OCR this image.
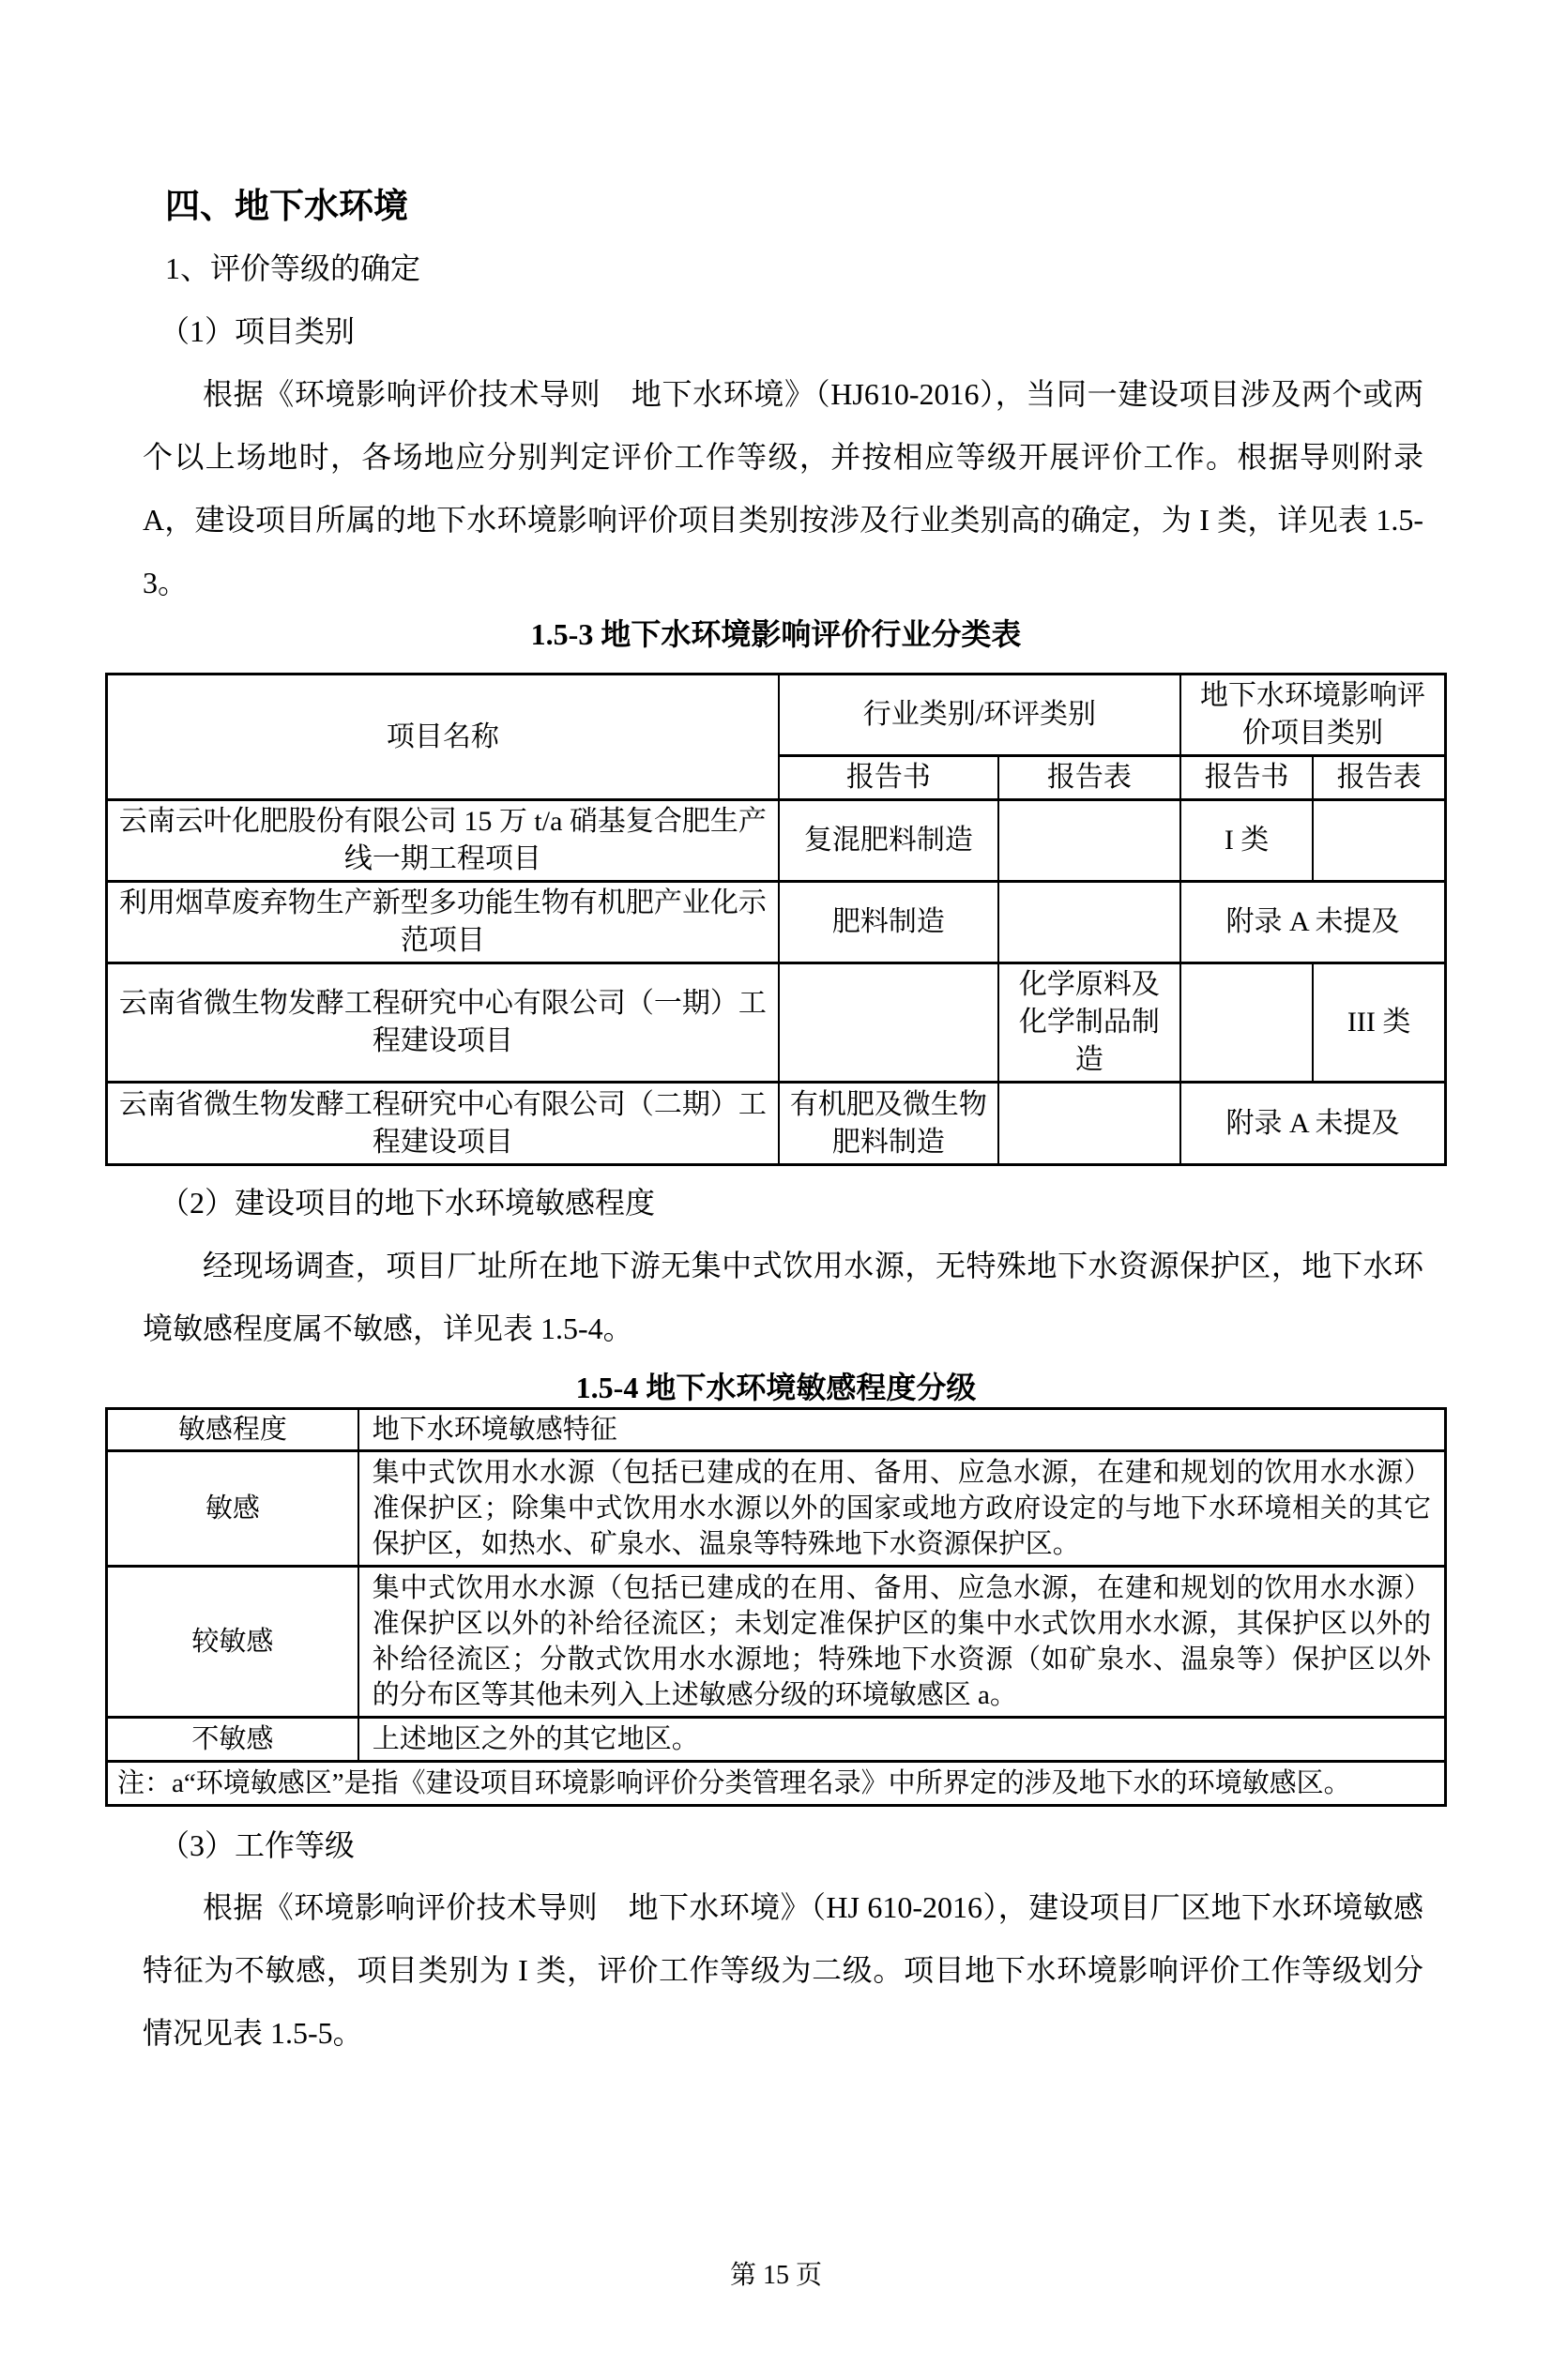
四、地下水环境
1、评价等级的确定
（1）项目类别

根据《环境影响评价技术导则　地下水环境》（HJ610-2016），当同一建设项目涉及两个或两个以上场地时，各场地应分别判定评价工作等级，并按相应等级开展评价工作。根据导则附录 A，建设项目所属的地下水环境影响评价项目类别按涉及行业类别高的确定，为 I 类，详见表 1.5-3。

1.5-3 地下水环境影响评价行业分类表
项目名称	行业类别/环评类别		地下水环境影响评价项目类别	
	报告书	报告表	报告书	报告表
云南云叶化肥股份有限公司 15 万 t/a 硝基复合肥生产线一期工程项目	复混肥料制造		I 类	
利用烟草废弃物生产新型多功能生物有机肥产业化示范项目	肥料制造		附录 A 未提及	
云南省微生物发酵工程研究中心有限公司（一期）工程建设项目		化学原料及化学制品制造		III 类
云南省微生物发酵工程研究中心有限公司（二期）工程建设项目	有机肥及微生物肥料制造		附录 A 未提及	
（2）建设项目的地下水环境敏感程度

经现场调查，项目厂址所在地下游无集中式饮用水源，无特殊地下水资源保护区，地下水环境敏感程度属不敏感，详见表 1.5-4。

1.5-4 地下水环境敏感程度分级
敏感程度	地下水环境敏感特征
敏感	集中式饮用水水源（包括已建成的在用、备用、应急水源，在建和规划的饮用水水源）准保护区；除集中式饮用水水源以外的国家或地方政府设定的与地下水环境相关的其它保护区，如热水、矿泉水、温泉等特殊地下水资源保护区。
较敏感	集中式饮用水水源（包括已建成的在用、备用、应急水源，在建和规划的饮用水水源）准保护区以外的补给径流区；未划定准保护区的集中水式饮用水水源，其保护区以外的补给径流区；分散式饮用水水源地；特殊地下水资源（如矿泉水、温泉等）保护区以外的分布区等其他未列入上述敏感分级的环境敏感区 a。
不敏感	上述地区之外的其它地区。
注：a“环境敏感区”是指《建设项目环境影响评价分类管理名录》中所界定的涉及地下水的环境敏感区。	
（3）工作等级

根据《环境影响评价技术导则　地下水环境》（HJ 610-2016），建设项目厂区地下水环境敏感特征为不敏感，项目类别为 I 类，评价工作等级为二级。项目地下水环境影响评价工作等级划分情况见表 1.5-5。

第 15 页
